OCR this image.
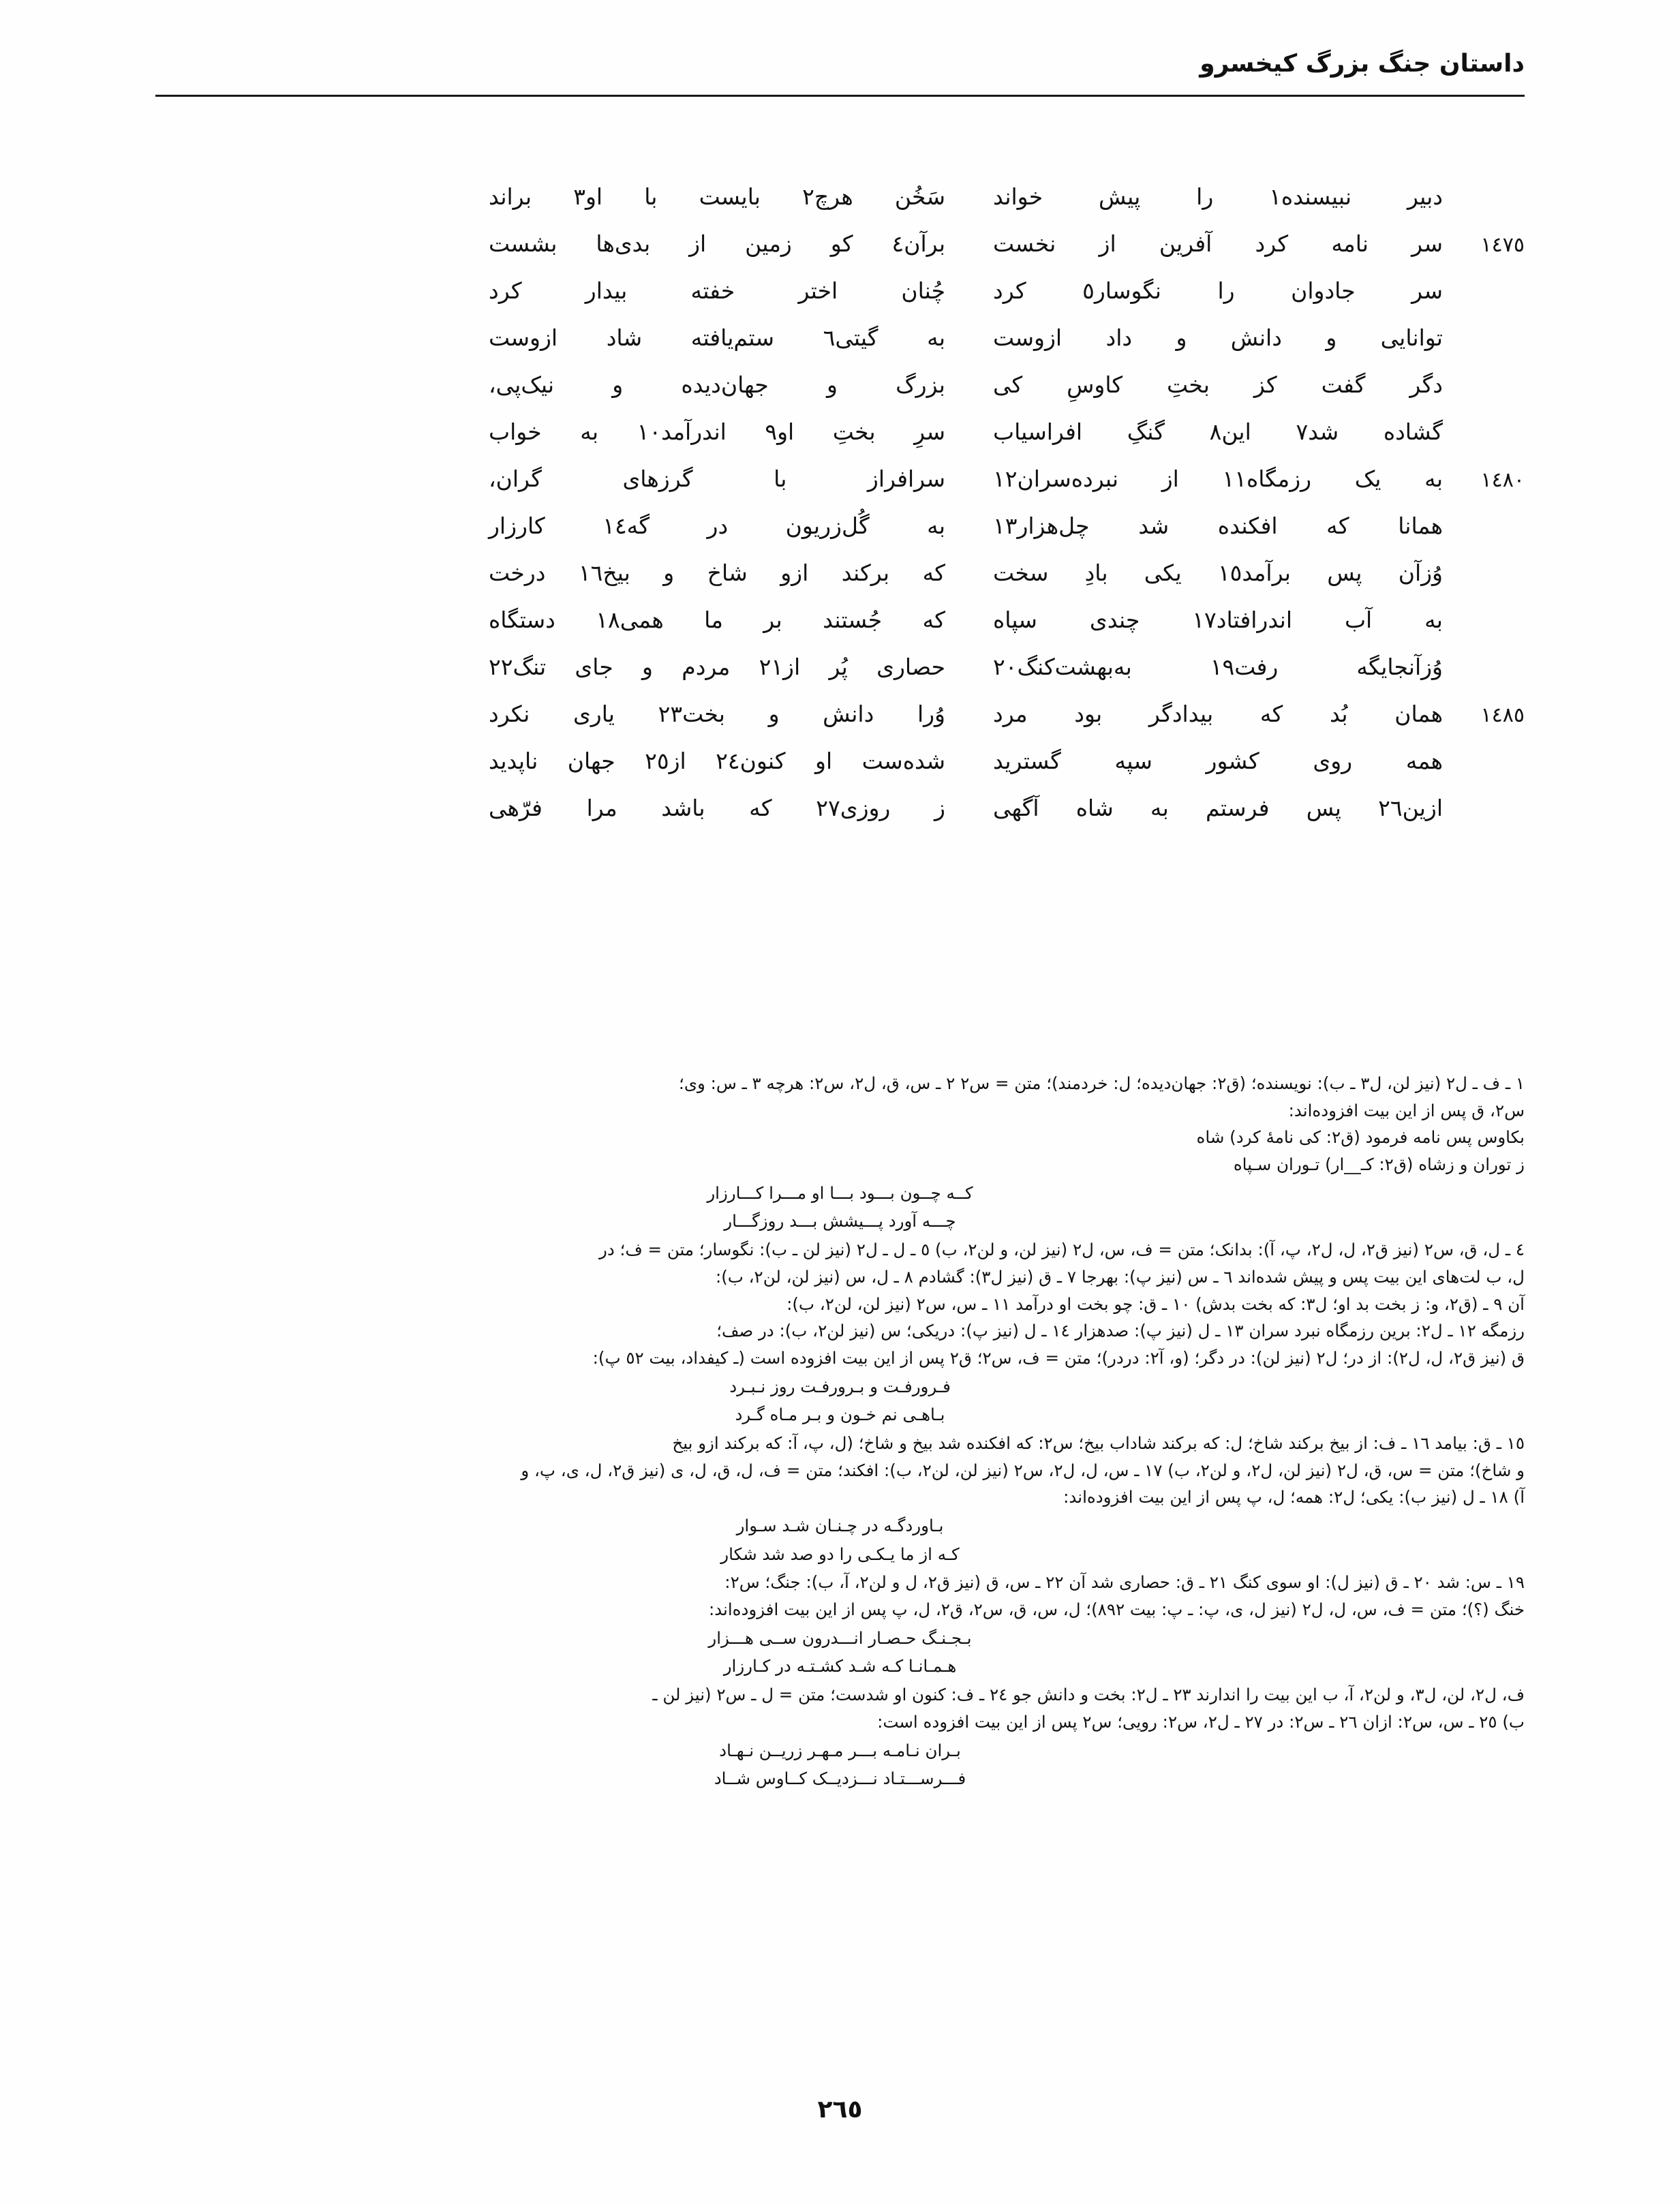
داستان جنگ بزرگ کیخسرو
دبیر نبیسنده١ را پیش خواند
سَخُن هرچ٢ بایست با او٣ براند
١٤٧٥
سر نامه کرد آفرین از نخست
برآن٤ کو زمین از بدی‌ها بشست
سر جادوان را نگوسار٥ کرد
چُنان اختر خفته بیدار کرد
توانایی و دانش و داد ازوست
به گیتی٦ ستم‌یافته شاد ازوست
دگر گفت کز بختِ کاوسِ کی
بزرگ و جهان‌دیده و نیک‌پی،
گشاده شد٧ این٨ گنگِ افراسیاب
سرِ بختِ او٩ اندرآمد١٠ به خواب
١٤٨٠
به یک رزمگاه١١ از نبرده‌سران١٢
سرافراز با گرزهای گران،
همانا که افکنده شد چل‌هزار١٣
به گُل‌زریون در گه١٤ کارزار
وُزآن پس برآمد١٥ یکی بادِ سخت
که برکند ازو شاخ و بیخ١٦ درخت
به آب اندرافتاد١٧ چندی سپاه
که جُستند بر ما همی١٨ دستگاه
وُزآنجایگه رفت١٩ به‌بهشت‌کنگ٢٠
حصاری پُر از٢١ مردم و جای تنگ٢٢
١٤٨٥
همان بُد که بیدادگر بود مرد
وُرا دانش و بخت٢٣ یاری نکرد
همه روی کشور سپه گسترید
شده‌ست او کنون٢٤ از٢٥ جهان ناپدید
ازین٢٦ پس فرستم به شاه آگهی
ز روزی٢٧ که باشد مرا فرّهی
١ ـ ف ـ ل٢ (نیز لن، ل٣ ـ ب): نویسنده؛ (ق٢: جهان‌دیده؛ ل: خردمند)؛ متن = س٢ ٢ ـ س، ق، ل٢، س٢: هرچه ٣ ـ س: وی؛
س٢، ق پس از این بیت افزوده‌اند:
بکاوس پس نامه فرمود (ق٢: کی نامهٔ کرد) شاه
ز توران و زشاه (ق٢: کـ__ار) تـوران سـپاه
کــه چــون بـــود بـــا او مـــرا کـــارزار
چـــه آورد پـــیشش بـــد روزگـــار
٤ ـ ل، ق، س٢ (نیز ق٢، ل، ل٢، پ، آ): بدانک؛ متن = ف، س، ل٢ (نیز لن، و لن٢، ب) ٥ ـ ل ـ ل٢ (نیز لن ـ ب): نگوسار؛ متن = ف؛ در
ل، ب لت‌های این بیت پس و پیش شده‌اند ٦ ـ س (نیز پ): بهرجا ٧ ـ ق (نیز ل٣): گشادم ٨ ـ ل، س (نیز لن، لن٢، ب):
آن ٩ ـ (ق٢، و: ز بخت بد او؛ ل٣: که بخت بدش) ١٠ ـ ق: چو بخت او درآمد ١١ ـ س، س٢ (نیز لن، لن٢، ب):
رزمگه ١٢ ـ ل٢: برین رزمگاه نبرد سران ١٣ ـ ل (نیز پ): صدهزار ١٤ ـ ل (نیز پ): دریکی؛ س (نیز لن٢، ب): در صف؛
ق (نیز ق٢، ل، ل٢): از در؛ ل٢ (نیز لن): در دگر؛ (و، آ٢: دردر)؛ متن = ف، س٢؛ ق٢ پس از این بیت افزوده است (ـ کیفداد، بیت ٥٢ پ):
فـرورفـت و بـرورفـت روز نـبـرد
بـاهـی نم خـون و بـر مـاه گـرد
١٥ ـ ق: بیامد ١٦ ـ ف: از بیخ برکند شاخ؛ ل: که برکند شاداب بیخ؛ س٢: که افکنده شد بیخ و شاخ؛ (ل، پ، آ: که برکند ازو بیخ
و شاخ)؛ متن = س، ق، ل٢ (نیز لن، ل٢، و لن٢، ب) ١٧ ـ س، ل، ل٢، س٢ (نیز لن، لن٢، ب): افکند؛ متن = ف، ل، ق، ل، ی (نیز ق٢، ل، ی، پ، و
آ) ١٨ ـ ل (نیز ب): یکی؛ ل٢: همه؛ ل، پ پس از این بیت افزوده‌اند:
بـاوردگـه در چـنـان شـد سـوار
کـه از ما یـکـی را دو صد شد شکار
١٩ ـ س: شد ٢٠ ـ ق (نیز ل): او سوی کنگ ٢١ ـ ق: حصاری شد آن ٢٢ ـ س، ق (نیز ق٢، ل و لن٢، آ، ب): جنگ؛ س٢:
خنگ (؟)؛ متن = ف، س، ل، ل٢ (نیز ل، ی، پ: ـ پ: بیت ٨٩٢)؛ ل، س، ق، س٢، ق٢، ل، پ پس از این بیت افزوده‌اند:
بـجـنـگ حـصـار انـــدرون ســی هـــزار
هـمـانـا کـه شـد کشـتـه در کـارزار
ف، ل٢، لن، ل٣، و لن٢، آ، ب این بیت را اندارند ٢٣ ـ ل٢: بخت و دانش جو ٢٤ ـ ف: کنون او شدست؛ متن = ل ـ س٢ (نیز لن ـ
ب) ٢٥ ـ س، س٢: ازان ٢٦ ـ س٢: در ٢٧ ـ ل٢، س٢: رویی؛ س٢ پس از این بیت افزوده است:
بـران نـامـه بـــر مـهـر زریــن نـهـاد
فـــرســـتـاد نـــزدیــک کــاوس شــاد
٢٦٥
